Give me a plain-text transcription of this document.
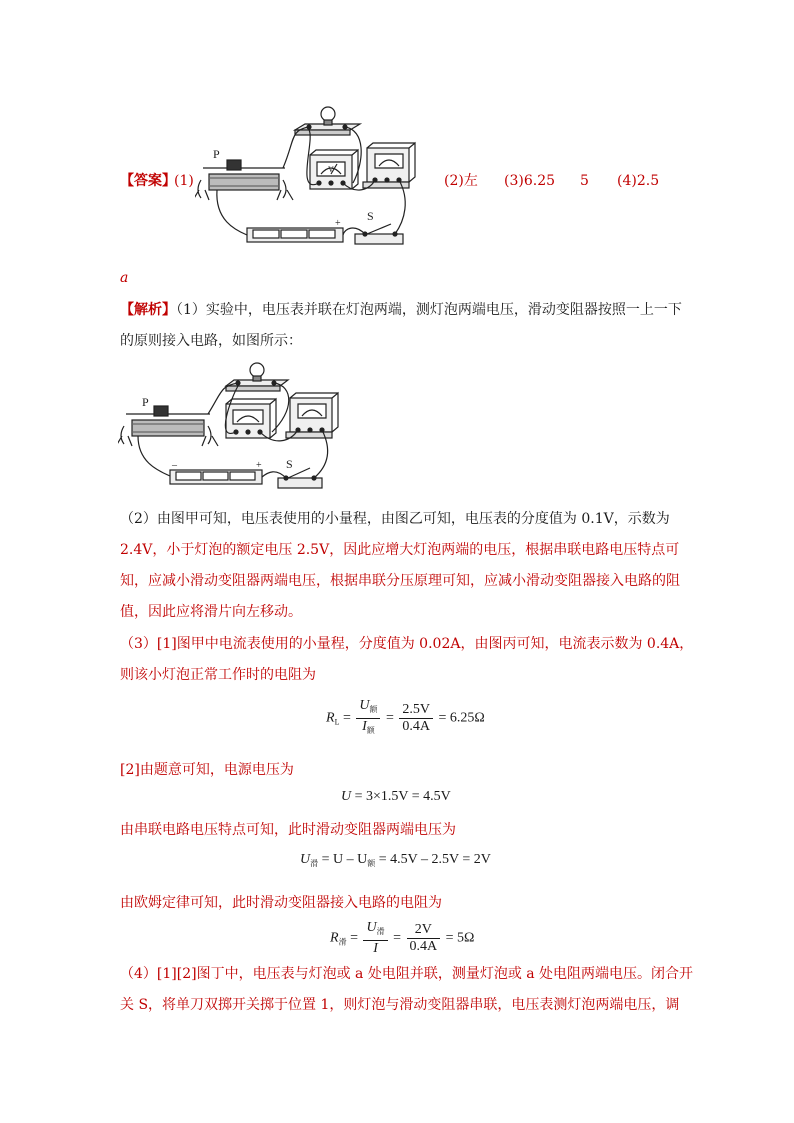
【答案】
(1)	(2)左 (3)6.25 5 (4)2.5
P
S
+
V
a
【解析】（1）实验中，电压表并联在灯泡两端，测灯泡两端电压，滑动变阻器按照一上一下
的原则接入电路，如图所示：
P
S
–	+
（2）由图甲可知，电压表使用的小量程，由图乙可知，电压表的分度值为 0.1V，示数为
2.4V，小于灯泡的额定电压 2.5V，因此应增大灯泡两端的电压，根据串联电路电压特点可
知，应减小滑动变阻器两端电压，根据串联分压原理可知，应减小滑动变阻器接入电路的阻
值，因此应将滑片向左移动。
（3）[1]图甲中电流表使用的小量程，分度值为 0.02A，由图丙可知，电流表示数为 0.4A，
则该小灯泡正常工作时的电阻为
$R_L = \frac{U_额}{I_额} = \frac{2.5V}{0.4A} = 6.25\Omega$
[2]由题意可知，电源电压为
U = 3×1.5V = 4.5V
由串联电路电压特点可知，此时滑动变阻器两端电压为
$U_滑 = U - U_额 = 4.5V - 2.5V = 2V$
由欧姆定律可知，此时滑动变阻器接入电路的电阻为
$R_滑 = \frac{U_滑}{I} = \frac{2V}{0.4A} = 5\Omega$
（4）[1][2]图丁中，电压表与灯泡或 a 处电阻并联，测量灯泡或 a 处电阻两端电压。闭合开
关 S，将单刀双掷开关掷于位置 1，则灯泡与滑动变阻器串联，电压表测灯泡两端电压，调
